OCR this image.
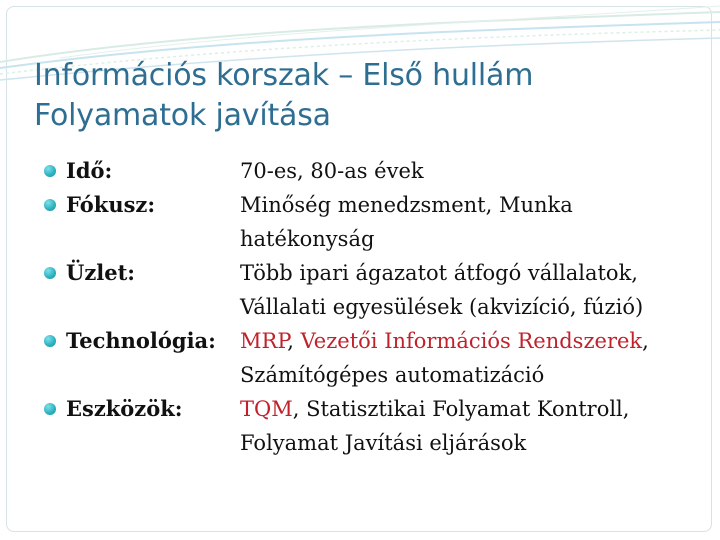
Információs korszak – Első hullám
Folyamatok javítása
Idő:	70-es, 80-as évek
Fókusz:	Minőség menedzsment, Munka
hatékonyság
Üzlet:	Több ipari ágazatot átfogó vállalatok,
Vállalati egyesülések (akvizíció, fúzió)
Technológia:	MRP, Vezetői Információs Rendszerek,
Számítógépes automatizáció
Eszközök:	TQM, Statisztikai Folyamat Kontroll,
Folyamat Javítási eljárások
